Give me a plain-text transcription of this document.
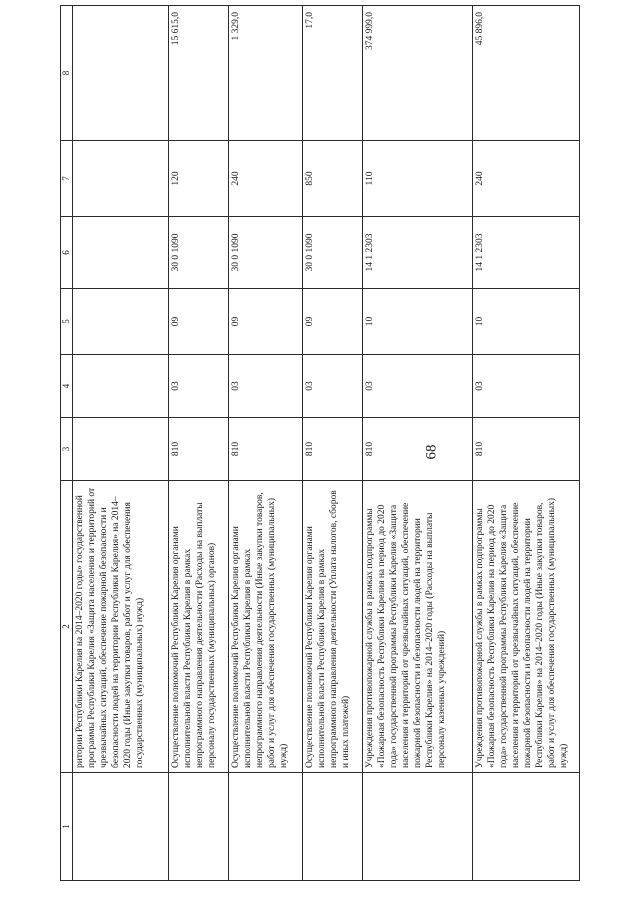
68
1	2	3	4	5	6	7	8
	ритории Республики Карелия на 2014–2020 годы» государственной программы Республики Карелия «Защита населения и территорий от чрезвычайных ситуаций, обеспечение пожарной безопасности и безопасности людей на территории Республики Карелия» на 2014–2020 годы (Иные закупки товаров, работ и услуг для обеспечения государственных (муниципальных) нужд)						
	Осуществление полномочий Республики Карелия органами исполнительной власти Республики Карелия в рамках непрограммного направления деятельности (Расходы на выплаты персоналу государственных (муниципальных) органов)	810	03	09	30 0 1090	120	15 615,0
	Осуществление полномочий Республики Карелия органами исполнительной власти Республики Карелия в рамках непрограммного направления деятельности (Иные закупки товаров, работ и услуг для обеспечения государственных (муниципальных) нужд)	810	03	09	30 0 1090	240	1 329,0
	Осуществление полномочий Республики Карелия органами исполнительной власти Республики Карелия в рамках непрограммного направления деятельности (Уплата налогов, сборов и иных платежей)	810	03	09	30 0 1090	850	17,0
	Учреждения противопожарной службы в рамках подпрограммы «Пожарная безопасность Республики Карелия на период до 2020 года» государственной программы Республики Карелия «Защита населения и территорий от чрезвычайных ситуаций, обеспечение пожарной безопасности и безопасности людей на территории Республики Карелия» на 2014–2020 годы (Расходы на выплаты персоналу казенных учреждений)	810	03	10	14 1 2303	110	374 999,0
	Учреждения противопожарной службы в рамках подпрограммы «Пожарная безопасность Республики Карелия на период до 2020 года» государственной программы Республики Карелия «Защита населения и территорий от чрезвычайных ситуаций, обеспечение пожарной безопасности и безопасности людей на территории Республики Карелия» на 2014–2020 годы (Иные закупки товаров, работ и услуг для обеспечения государственных (муниципальных) нужд)	810	03	10	14 1 2303	240	45 896,0
